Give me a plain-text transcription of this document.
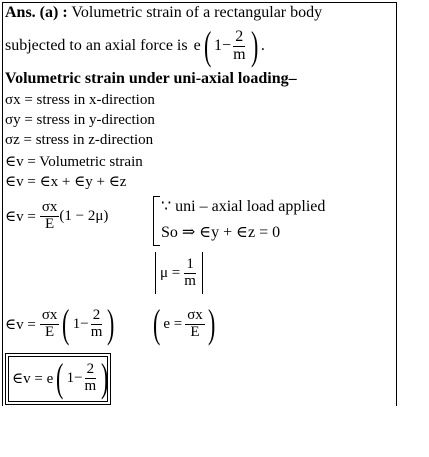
Ans. (a) : Volumetric strain of a rectangular body
subjected to an axial force is e ( $1 - \frac{2}{m}$ ) .
Volumetric strain under uni-axial loading–
σx = stress in x-direction
σy = stress in y-direction
σz = stress in z-direction
∈v = Volumetric strain
∈v = ∈x + ∈y + ∈z
∈v = $\frac{\sigma x}{E} (1 - 2\mu)$
∵ uni – axial load applied
So ⇒ ∈y + ∈z = 0
$\mu = \frac{1}{m}$
∈v = $\frac{\sigma x}{E}$ ( $1 - \frac{2}{m}$ ) ( $e = \frac{\sigma x}{E}$ )
∈v = e ( $1 - \frac{2}{m}$ )
